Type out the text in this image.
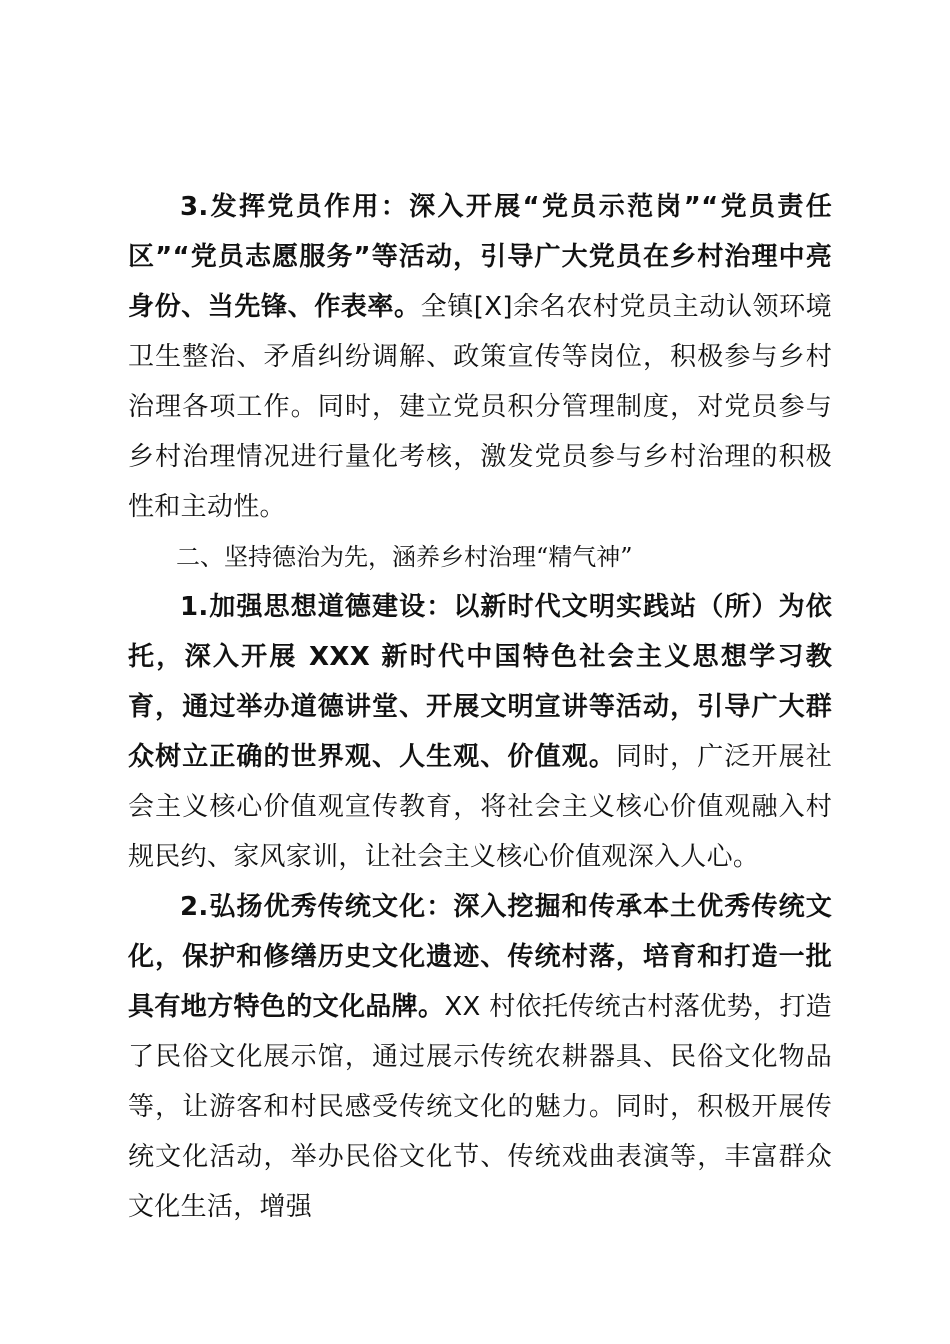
3.发挥党员作用：深入开展“党员示范岗”“党员责任区”“党员志愿服务”等活动，引导广大党员在乡村治理中亮身份、当先锋、作表率。全镇[X]余名农村党员主动认领环境卫生整治、矛盾纠纷调解、政策宣传等岗位，积极参与乡村治理各项工作。同时，建立党员积分管理制度，对党员参与乡村治理情况进行量化考核，激发党员参与乡村治理的积极性和主动性。

二、坚持德治为先，涵养乡村治理“精气神”

1.加强思想道德建设：以新时代文明实践站（所）为依托，深入开展 XXX 新时代中国特色社会主义思想学习教育，通过举办道德讲堂、开展文明宣讲等活动，引导广大群众树立正确的世界观、人生观、价值观。同时，广泛开展社会主义核心价值观宣传教育，将社会主义核心价值观融入村规民约、家风家训，让社会主义核心价值观深入人心。

2.弘扬优秀传统文化：深入挖掘和传承本土优秀传统文化，保护和修缮历史文化遗迹、传统村落，培育和打造一批具有地方特色的文化品牌。XX 村依托传统古村落优势，打造了民俗文化展示馆，通过展示传统农耕器具、民俗文化物品等，让游客和村民感受传统文化的魅力。同时，积极开展传统文化活动，举办民俗文化节、传统戏曲表演等，丰富群众文化生活，增强
